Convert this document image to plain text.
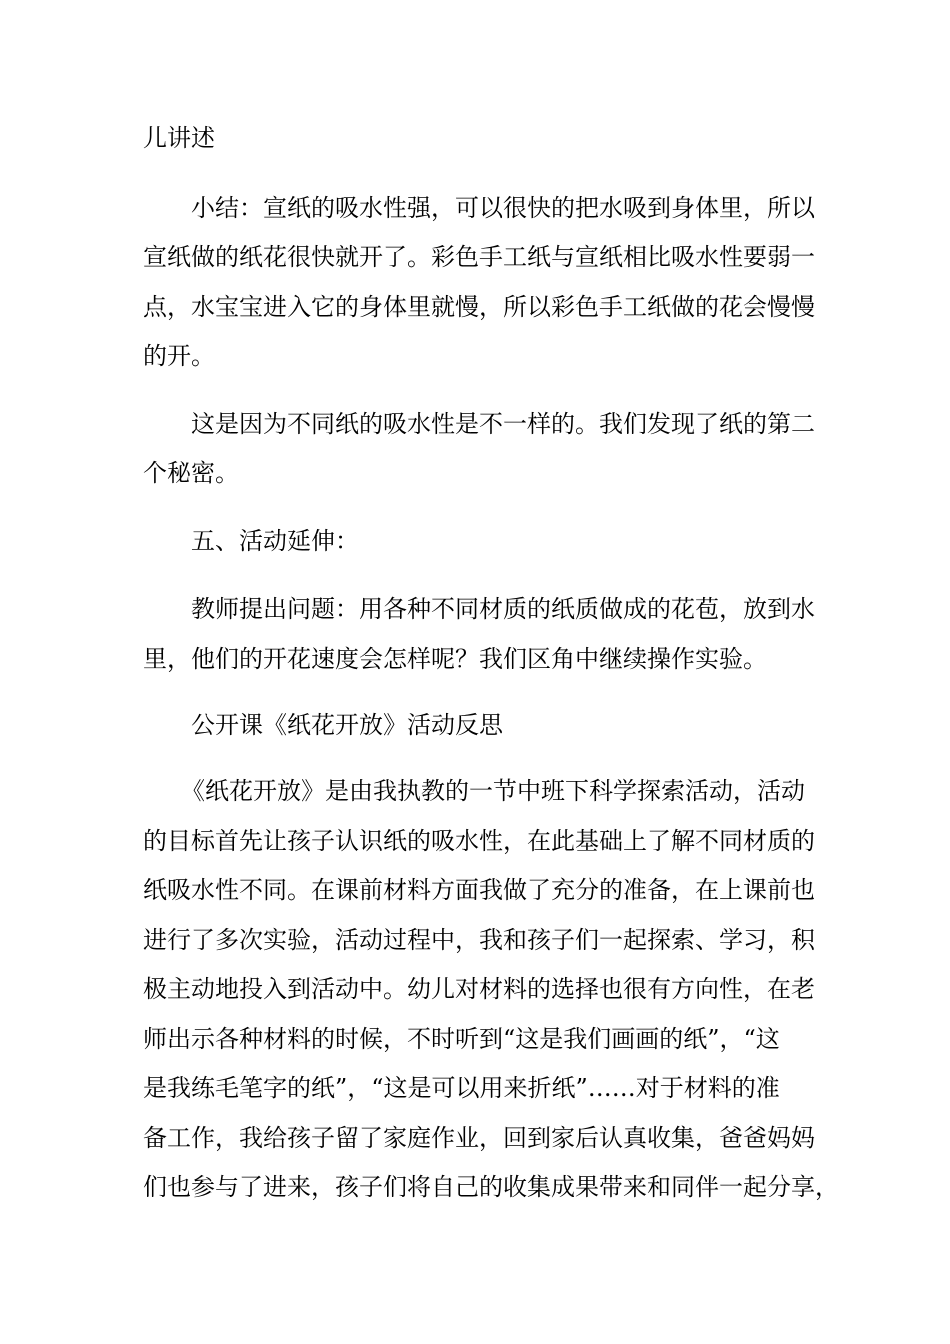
儿讲述
小结：宣纸的吸水性强，可以很快的把水吸到身体里，所以
宣纸做的纸花很快就开了。彩色手工纸与宣纸相比吸水性要弱一
点，水宝宝进入它的身体里就慢，所以彩色手工纸做的花会慢慢
的开。
这是因为不同纸的吸水性是不一样的。我们发现了纸的第二
个秘密。
五、活动延伸：
教师提出问题：用各种不同材质的纸质做成的花苞，放到水
里，他们的开花速度会怎样呢？我们区角中继续操作实验。
公开课《纸花开放》活动反思
《纸花开放》是由我执教的一节中班下科学探索活动，活动
的目标首先让孩子认识纸的吸水性，在此基础上了解不同材质的
纸吸水性不同。在课前材料方面我做了充分的准备，在上课前也
进行了多次实验，活动过程中，我和孩子们一起探索、学习，积
极主动地投入到活动中。幼儿对材料的选择也很有方向性，在老
师出示各种材料的时候，不时听到“这是我们画画的纸”，“这
是我练毛笔字的纸”，“这是可以用来折纸”……对于材料的准
备工作，我给孩子留了家庭作业，回到家后认真收集，爸爸妈妈
们也参与了进来，孩子们将自己的收集成果带来和同伴一起分享，
